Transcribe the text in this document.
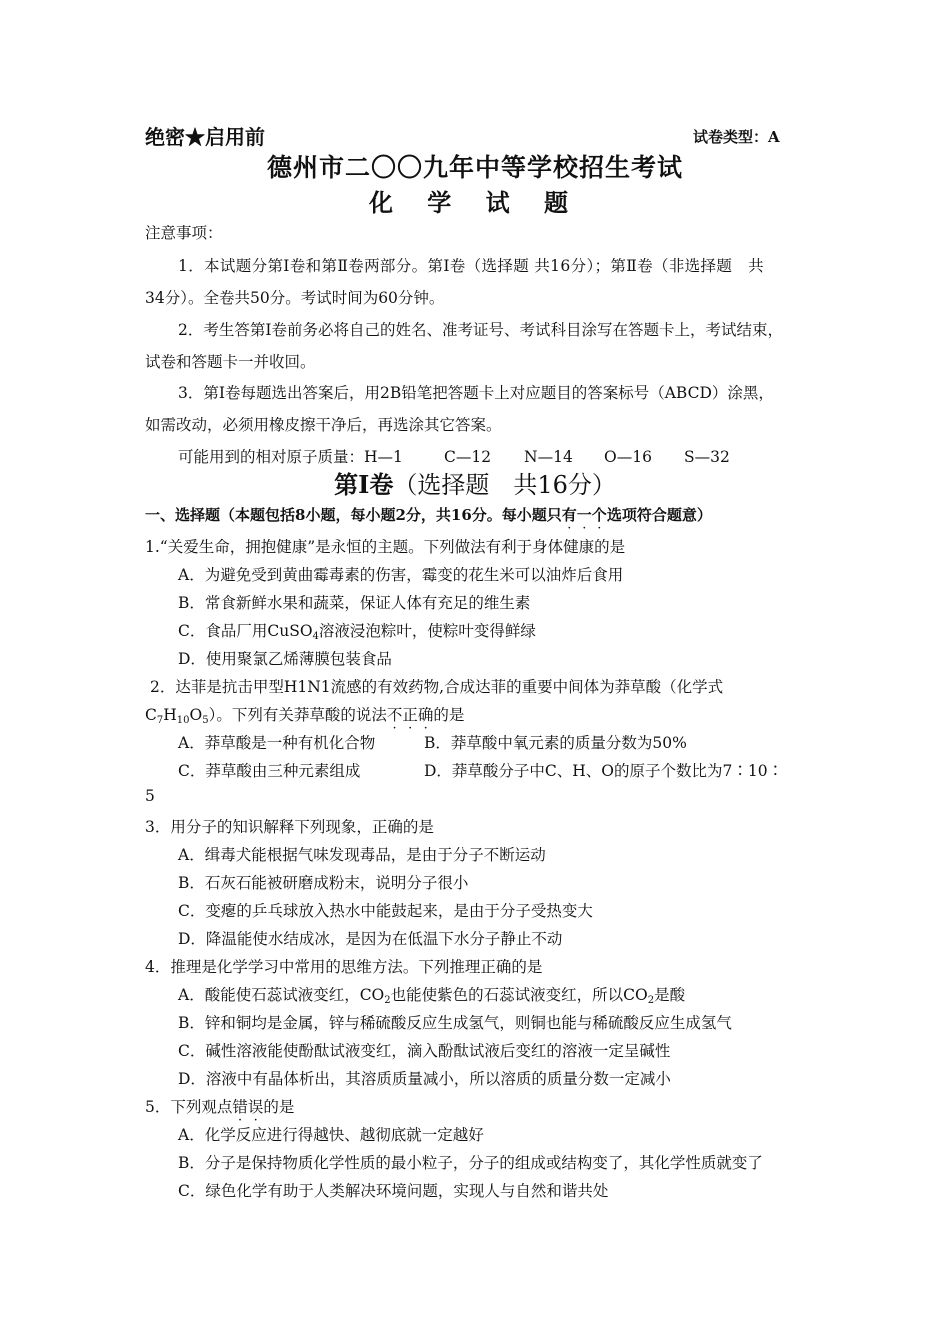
绝密★启用前	试卷类型：A
德州市二〇〇九年中等学校招生考试
化 学 试 题
注意事项：
1．本试题分第Ⅰ卷和第Ⅱ卷两部分。第Ⅰ卷（选择题 共16分）；第Ⅱ卷（非选择题　共
34分）。全卷共50分。考试时间为60分钟。
2．考生答第Ⅰ卷前务必将自己的姓名、准考证号、考试科目涂写在答题卡上，考试结束，
试卷和答题卡一并收回。
3．第Ⅰ卷每题选出答案后，用2B铅笔把答题卡上对应题目的答案标号（ABCD）涂黑，
如需改动，必须用橡皮擦干净后，再选涂其它答案。
可能用到的相对原子质量：H—1	C—12 N—14 O—16 S—32
第Ⅰ卷（选择题　共16分）
一、选择题（本题包括8小题，每小题2分，共16分。每小题只有一个选项符合题意）
1.“关爱生命，拥抱健康”是永恒的主题。下列做法有利于身体健康的是
A．为避免受到黄曲霉毒素的伤害，霉变的花生米可以油炸后食用
B．常食新鲜水果和蔬菜，保证人体有充足的维生素
C．食品厂用CuSO$_4$溶液浸泡粽叶，使粽叶变得鲜绿
D．使用聚氯乙烯薄膜包装食品
2．达菲是抗击甲型H1N1流感的有效药物,合成达菲的重要中间体为莽草酸（化学式
$C_7H_{10}O_5$）。下列有关莽草酸的说法不正确的是
A．莽草酸是一种有机化合物	B．莽草酸中氧元素的质量分数为50%
C．莽草酸由三种元素组成	D．莽草酸分子中C、H、O的原子个数比为7∶10∶
5
3．用分子的知识解释下列现象，正确的是
A．缉毒犬能根据气味发现毒品，是由于分子不断运动
B．石灰石能被研磨成粉末，说明分子很小
C．变瘪的乒乓球放入热水中能鼓起来，是由于分子受热变大
D．降温能使水结成冰，是因为在低温下水分子静止不动
4．推理是化学学习中常用的思维方法。下列推理正确的是
A．酸能使石蕊试液变红，$CO_2$也能使紫色的石蕊试液变红，所以$CO_2$是酸
B．锌和铜均是金属，锌与稀硫酸反应生成氢气，则铜也能与稀硫酸反应生成氢气
C．碱性溶液能使酚酞试液变红，滴入酚酞试液后变红的溶液一定呈碱性
D．溶液中有晶体析出，其溶质质量减小，所以溶质的质量分数一定减小
5．下列观点错误的是
A．化学反应进行得越快、越彻底就一定越好
B．分子是保持物质化学性质的最小粒子，分子的组成或结构变了，其化学性质就变了
C．绿色化学有助于人类解决环境问题，实现人与自然和谐共处
